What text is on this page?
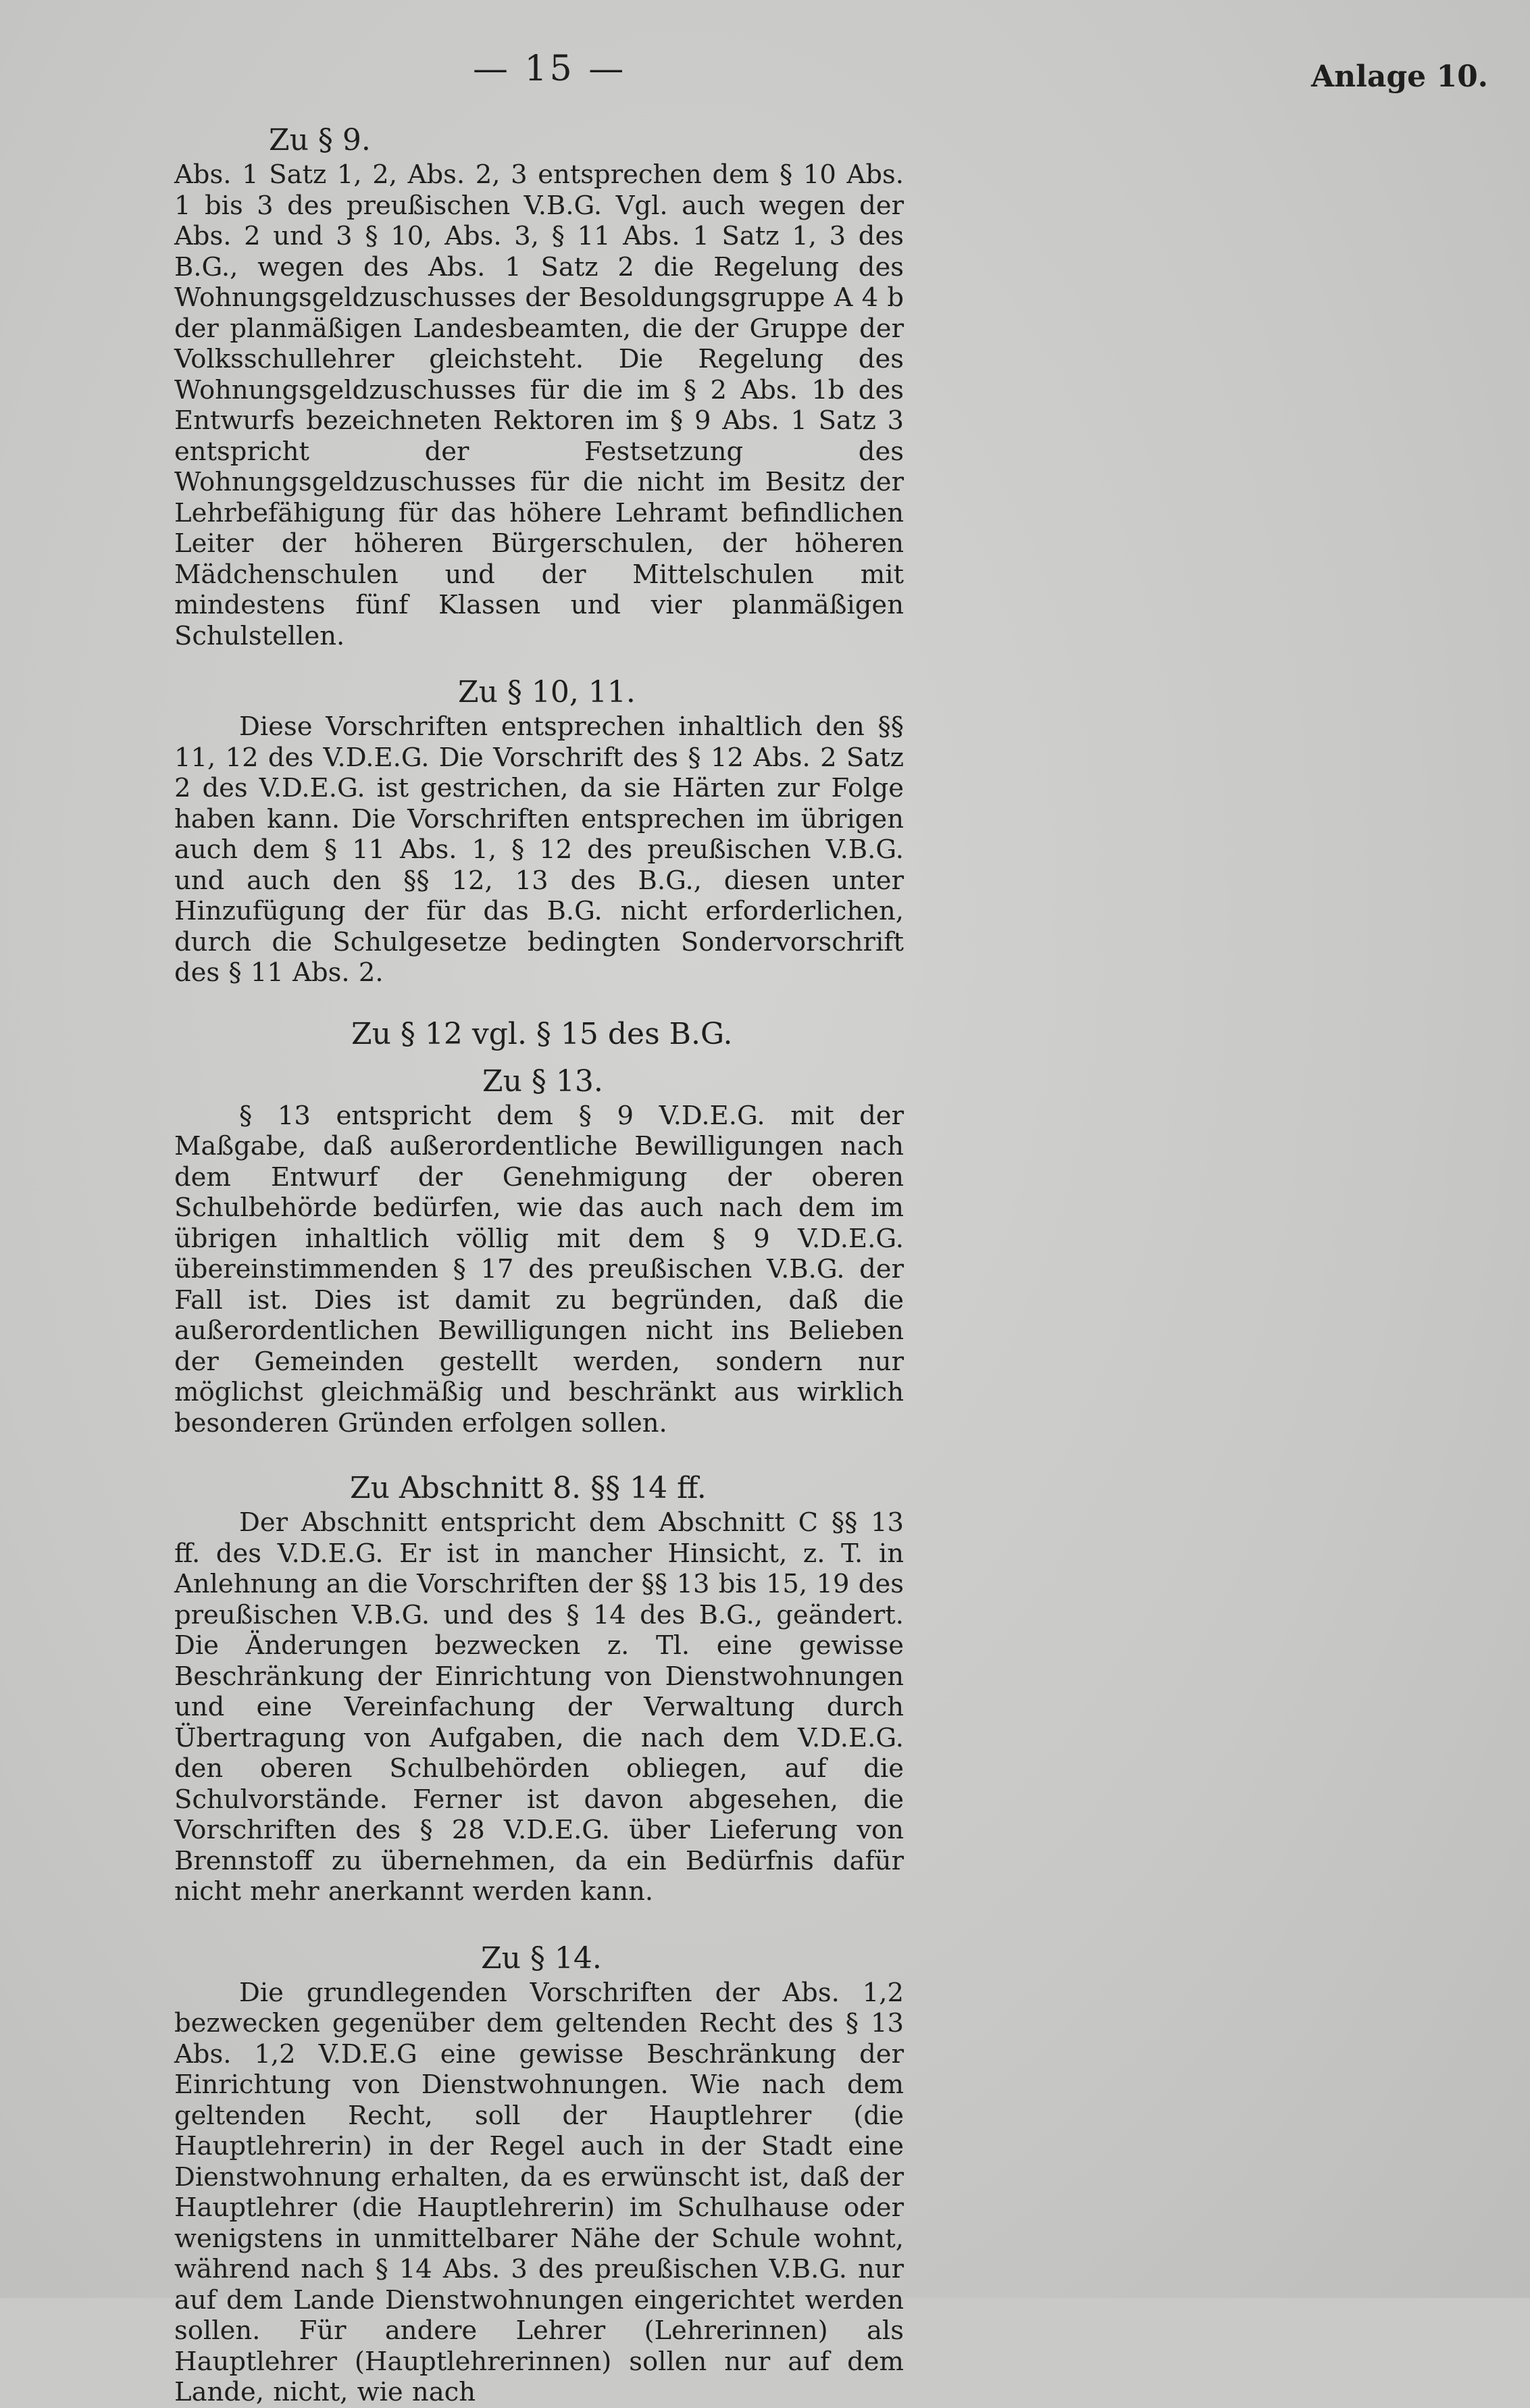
— 15 —	Anlage 10.
Zu § 9.

Abs. 1 Satz 1, 2, Abs. 2, 3 entsprechen dem § 10 Abs. 1 bis 3 des preußischen V.B.G. Vgl. auch wegen der Abs. 2 und 3 § 10, Abs. 3, § 11 Abs. 1 Satz 1, 3 des B.G., wegen des Abs. 1 Satz 2 die Regelung des Wohnungsgeldzuschusses der Besoldungsgruppe A 4 b der planmäßigen Landesbeamten, die der Gruppe der Volksschullehrer gleichsteht. Die Regelung des Wohnungsgeldzuschusses für die im § 2 Abs. 1b des Entwurfs bezeichneten Rektoren im § 9 Abs. 1 Satz 3 entspricht der Festsetzung des Wohnungsgeldzuschusses für die nicht im Besitz der Lehrbefähigung für das höhere Lehramt befindlichen Leiter der höheren Bürgerschulen, der höheren Mädchenschulen und der Mittelschulen mit mindestens fünf Klassen und vier planmäßigen Schulstellen.

Zu § 10, 11.

Diese Vorschriften entsprechen inhaltlich den §§ 11, 12 des V.D.E.G. Die Vorschrift des § 12 Abs. 2 Satz 2 des V.D.E.G. ist gestrichen, da sie Härten zur Folge haben kann. Die Vorschriften entsprechen im übrigen auch dem § 11 Abs. 1, § 12 des preußischen V.B.G. und auch den §§ 12, 13 des B.G., diesen unter Hinzufügung der für das B.G. nicht erforderlichen, durch die Schulgesetze bedingten Sondervorschrift des § 11 Abs. 2.

Zu § 12 vgl. § 15 des B.G.
Zu § 13.

§ 13 entspricht dem § 9 V.D.E.G. mit der Maßgabe, daß außerordentliche Bewilligungen nach dem Entwurf der Genehmigung der oberen Schulbehörde bedürfen, wie das auch nach dem im übrigen inhaltlich völlig mit dem § 9 V.D.E.G. übereinstimmenden § 17 des preußischen V.B.G. der Fall ist. Dies ist damit zu begründen, daß die außerordentlichen Bewilligungen nicht ins Belieben der Gemeinden gestellt werden, sondern nur möglichst gleichmäßig und beschränkt aus wirklich besonderen Gründen erfolgen sollen.

Zu Abschnitt 8. §§ 14 ff.

Der Abschnitt entspricht dem Abschnitt C §§ 13 ff. des V.D.E.G. Er ist in mancher Hinsicht, z. T. in Anlehnung an die Vorschriften der §§ 13 bis 15, 19 des preußischen V.B.G. und des § 14 des B.G., geändert. Die Änderungen bezwecken z. Tl. eine gewisse Beschränkung der Einrichtung von Dienstwohnungen und eine Vereinfachung der Verwaltung durch Übertragung von Aufgaben, die nach dem V.D.E.G. den oberen Schulbehörden obliegen, auf die Schulvorstände. Ferner ist davon abgesehen, die Vorschriften des § 28 V.D.E.G. über Lieferung von Brennstoff zu übernehmen, da ein Bedürfnis dafür nicht mehr anerkannt werden kann.

Zu § 14.

Die grundlegenden Vorschriften der Abs. 1,2 bezwecken gegenüber dem geltenden Recht des § 13 Abs. 1,2 V.D.E.G eine gewisse Beschränkung der Einrichtung von Dienstwohnungen. Wie nach dem geltenden Recht, soll der Hauptlehrer (die Hauptlehrerin) in der Regel auch in der Stadt eine Dienstwohnung erhalten, da es erwünscht ist, daß der Hauptlehrer (die Hauptlehrerin) im Schulhause oder wenigstens in unmittelbarer Nähe der Schule wohnt, während nach § 14 Abs. 3 des preußischen V.B.G. nur auf dem Lande Dienstwohnungen eingerichtet werden sollen. Für andere Lehrer (Lehrerinnen) als Hauptlehrer (Hauptlehrerinnen) sollen nur auf dem Lande, nicht, wie nach
